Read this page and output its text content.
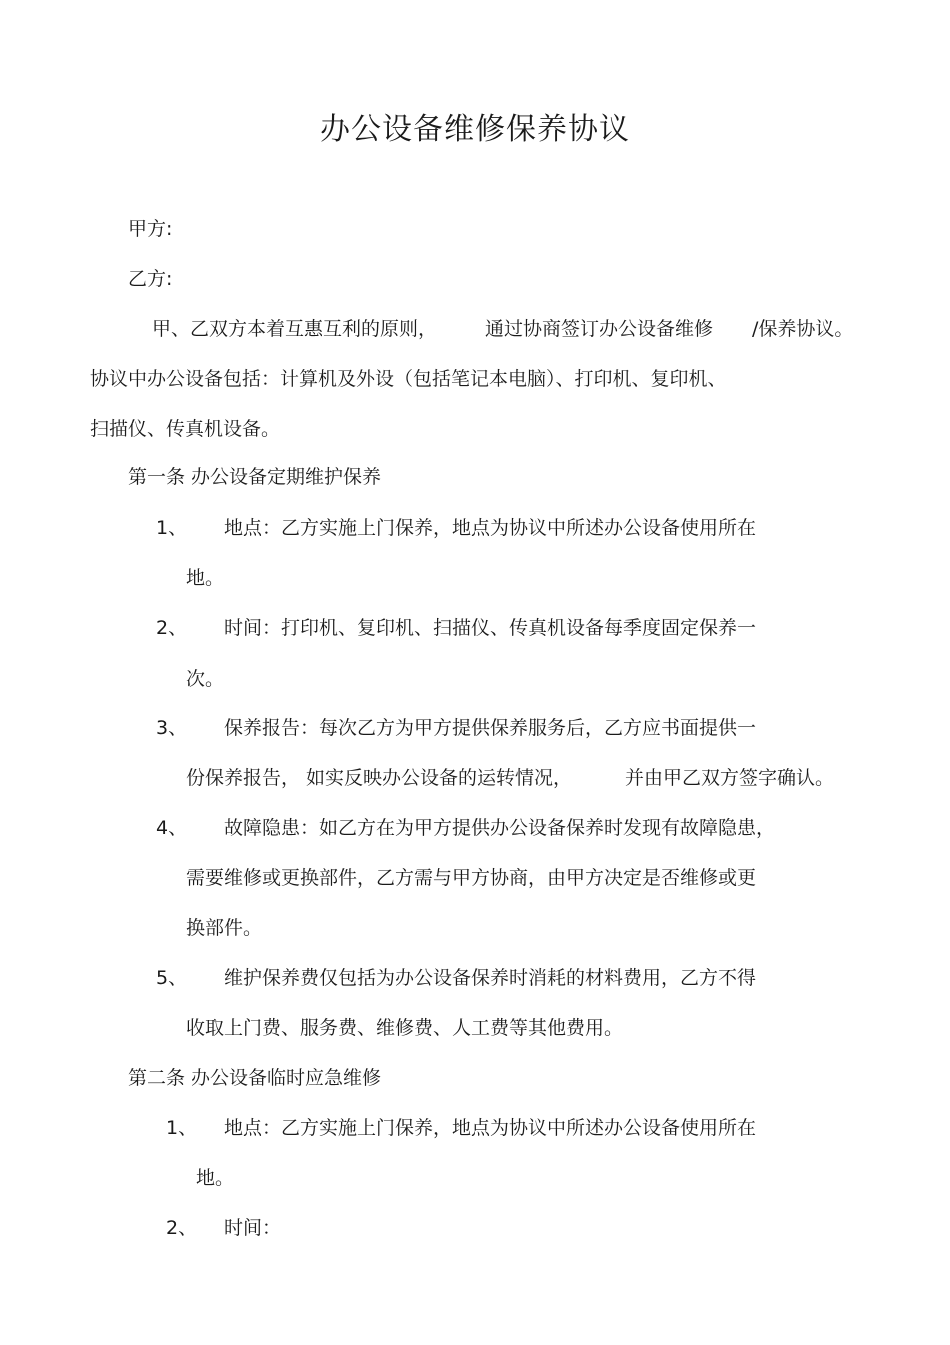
办公设备维修保养协议
甲方:
乙方:
甲、乙双方本着互惠互利的原则，	通过协商签订办公设备维修 /保养协议。
协议中办公设备包括：计算机及外设（包括笔记本电脑）、打印机、复印机、
扫描仪、传真机设备。
第一条 办公设备定期维护保养
1、 地点：乙方实施上门保养，地点为协议中所述办公设备使用所在
地。
2、 时间：打印机、复印机、扫描仪、传真机设备每季度固定保养一
次。
3、 保养报告：每次乙方为甲方提供保养服务后，乙方应书面提供一
份保养报告， 如实反映办公设备的运转情况，	并由甲乙双方签字确认。
4、 故障隐患：如乙方在为甲方提供办公设备保养时发现有故障隐患，
需要维修或更换部件，乙方需与甲方协商，由甲方决定是否维修或更
换部件。
5、 维护保养费仅包括为办公设备保养时消耗的材料费用，乙方不得
收取上门费、服务费、维修费、人工费等其他费用。
第二条 办公设备临时应急维修
1、 地点：乙方实施上门保养，地点为协议中所述办公设备使用所在
地。
2、 时间：
